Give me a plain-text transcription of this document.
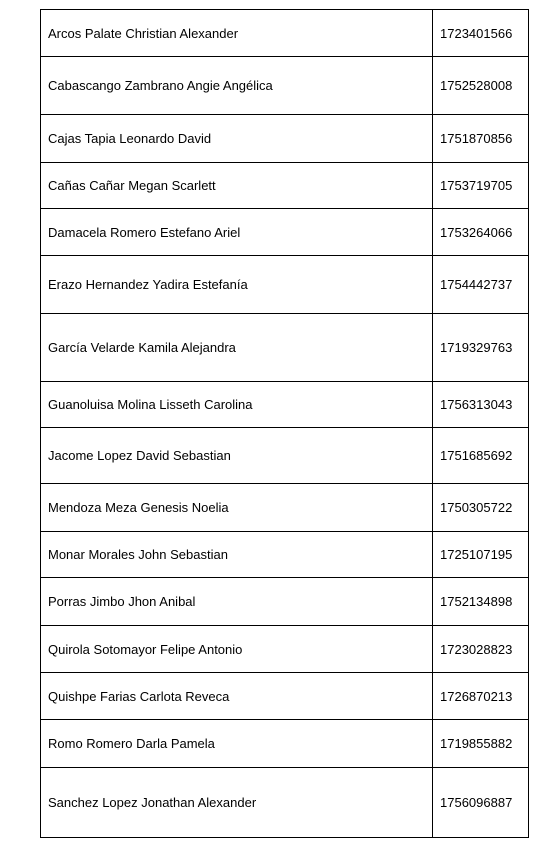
Arcos Palate Christian Alexander	1723401566
Cabascango Zambrano Angie Angélica	1752528008
Cajas Tapia Leonardo David	1751870856
Cañas Cañar Megan Scarlett	1753719705
Damacela Romero Estefano Ariel	1753264066
Erazo Hernandez Yadira Estefanía	1754442737
García Velarde Kamila Alejandra	1719329763
Guanoluisa Molina Lisseth Carolina	1756313043
Jacome Lopez David Sebastian	1751685692
Mendoza Meza Genesis Noelia	1750305722
Monar Morales John Sebastian	1725107195
Porras Jimbo Jhon Anibal	1752134898
Quirola Sotomayor Felipe Antonio	1723028823
Quishpe Farias Carlota Reveca	1726870213
Romo Romero Darla Pamela	1719855882
Sanchez Lopez Jonathan Alexander	1756096887
